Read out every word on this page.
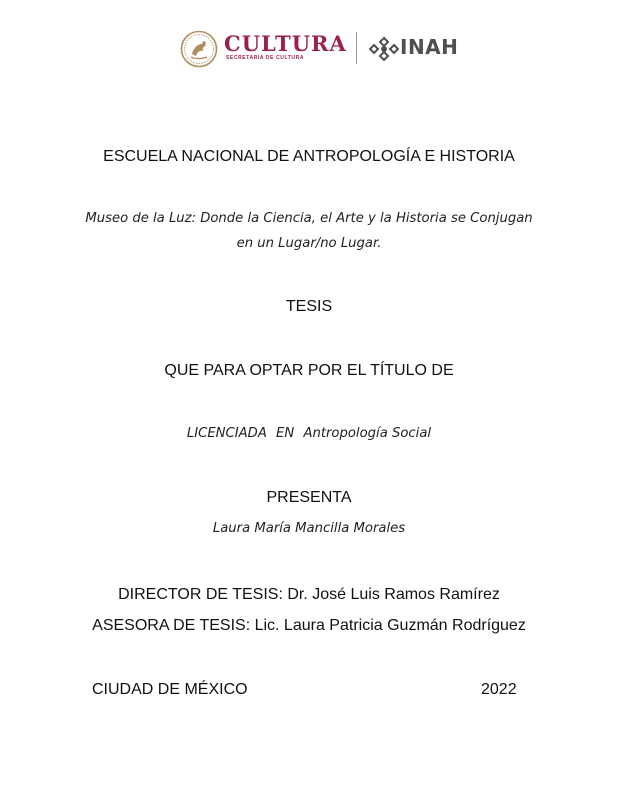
CULTURA
SECRETARÍA DE CULTURA	INAH
ESCUELA NACIONAL DE ANTROPOLOGÍA E HISTORIA
Museo de la Luz: Donde la Ciencia, el Arte y la Historia se Conjugan
en un Lugar/no Lugar.
TESIS
QUE PARA OPTAR POR EL TÍTULO DE
LICENCIADA EN Antropología Social
PRESENTA
Laura María Mancilla Morales
DIRECTOR DE TESIS: Dr. José Luis Ramos Ramírez
ASESORA DE TESIS: Lic. Laura Patricia Guzmán Rodríguez
CIUDAD DE MÉXICO	2022
